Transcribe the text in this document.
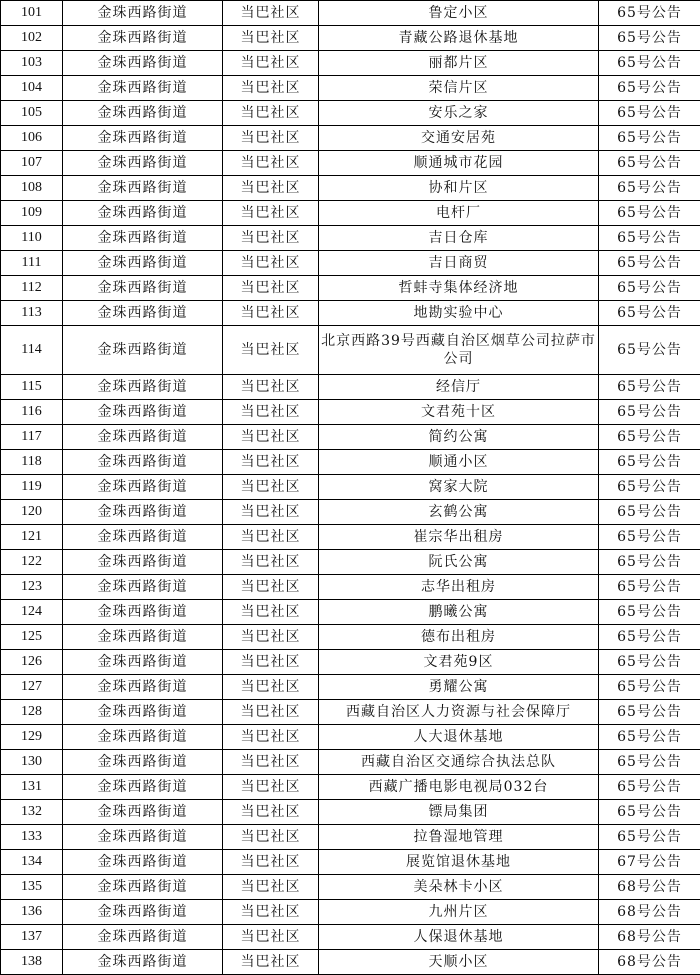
101	金珠西路街道	当巴社区	鲁定小区	65号公告
102	金珠西路街道	当巴社区	青藏公路退休基地	65号公告
103	金珠西路街道	当巴社区	丽都片区	65号公告
104	金珠西路街道	当巴社区	荣信片区	65号公告
105	金珠西路街道	当巴社区	安乐之家	65号公告
106	金珠西路街道	当巴社区	交通安居苑	65号公告
107	金珠西路街道	当巴社区	顺通城市花园	65号公告
108	金珠西路街道	当巴社区	协和片区	65号公告
109	金珠西路街道	当巴社区	电杆厂	65号公告
110	金珠西路街道	当巴社区	吉日仓库	65号公告
111	金珠西路街道	当巴社区	吉日商贸	65号公告
112	金珠西路街道	当巴社区	哲蚌寺集体经济地	65号公告
113	金珠西路街道	当巴社区	地勘实验中心	65号公告
114	金珠西路街道	当巴社区	北京西路39号西藏自治区烟草公司拉萨市公司	65号公告
115	金珠西路街道	当巴社区	经信厅	65号公告
116	金珠西路街道	当巴社区	文君苑十区	65号公告
117	金珠西路街道	当巴社区	简约公寓	65号公告
118	金珠西路街道	当巴社区	顺通小区	65号公告
119	金珠西路街道	当巴社区	窝家大院	65号公告
120	金珠西路街道	当巴社区	玄鹤公寓	65号公告
121	金珠西路街道	当巴社区	崔宗华出租房	65号公告
122	金珠西路街道	当巴社区	阮氏公寓	65号公告
123	金珠西路街道	当巴社区	志华出租房	65号公告
124	金珠西路街道	当巴社区	鹏曦公寓	65号公告
125	金珠西路街道	当巴社区	德布出租房	65号公告
126	金珠西路街道	当巴社区	文君苑9区	65号公告
127	金珠西路街道	当巴社区	勇耀公寓	65号公告
128	金珠西路街道	当巴社区	西藏自治区人力资源与社会保障厅	65号公告
129	金珠西路街道	当巴社区	人大退休基地	65号公告
130	金珠西路街道	当巴社区	西藏自治区交通综合执法总队	65号公告
131	金珠西路街道	当巴社区	西藏广播电影电视局032台	65号公告
132	金珠西路街道	当巴社区	镖局集团	65号公告
133	金珠西路街道	当巴社区	拉鲁湿地管理	65号公告
134	金珠西路街道	当巴社区	展览馆退休基地	67号公告
135	金珠西路街道	当巴社区	美朵林卡小区	68号公告
136	金珠西路街道	当巴社区	九州片区	68号公告
137	金珠西路街道	当巴社区	人保退休基地	68号公告
138	金珠西路街道	当巴社区	天顺小区	68号公告
